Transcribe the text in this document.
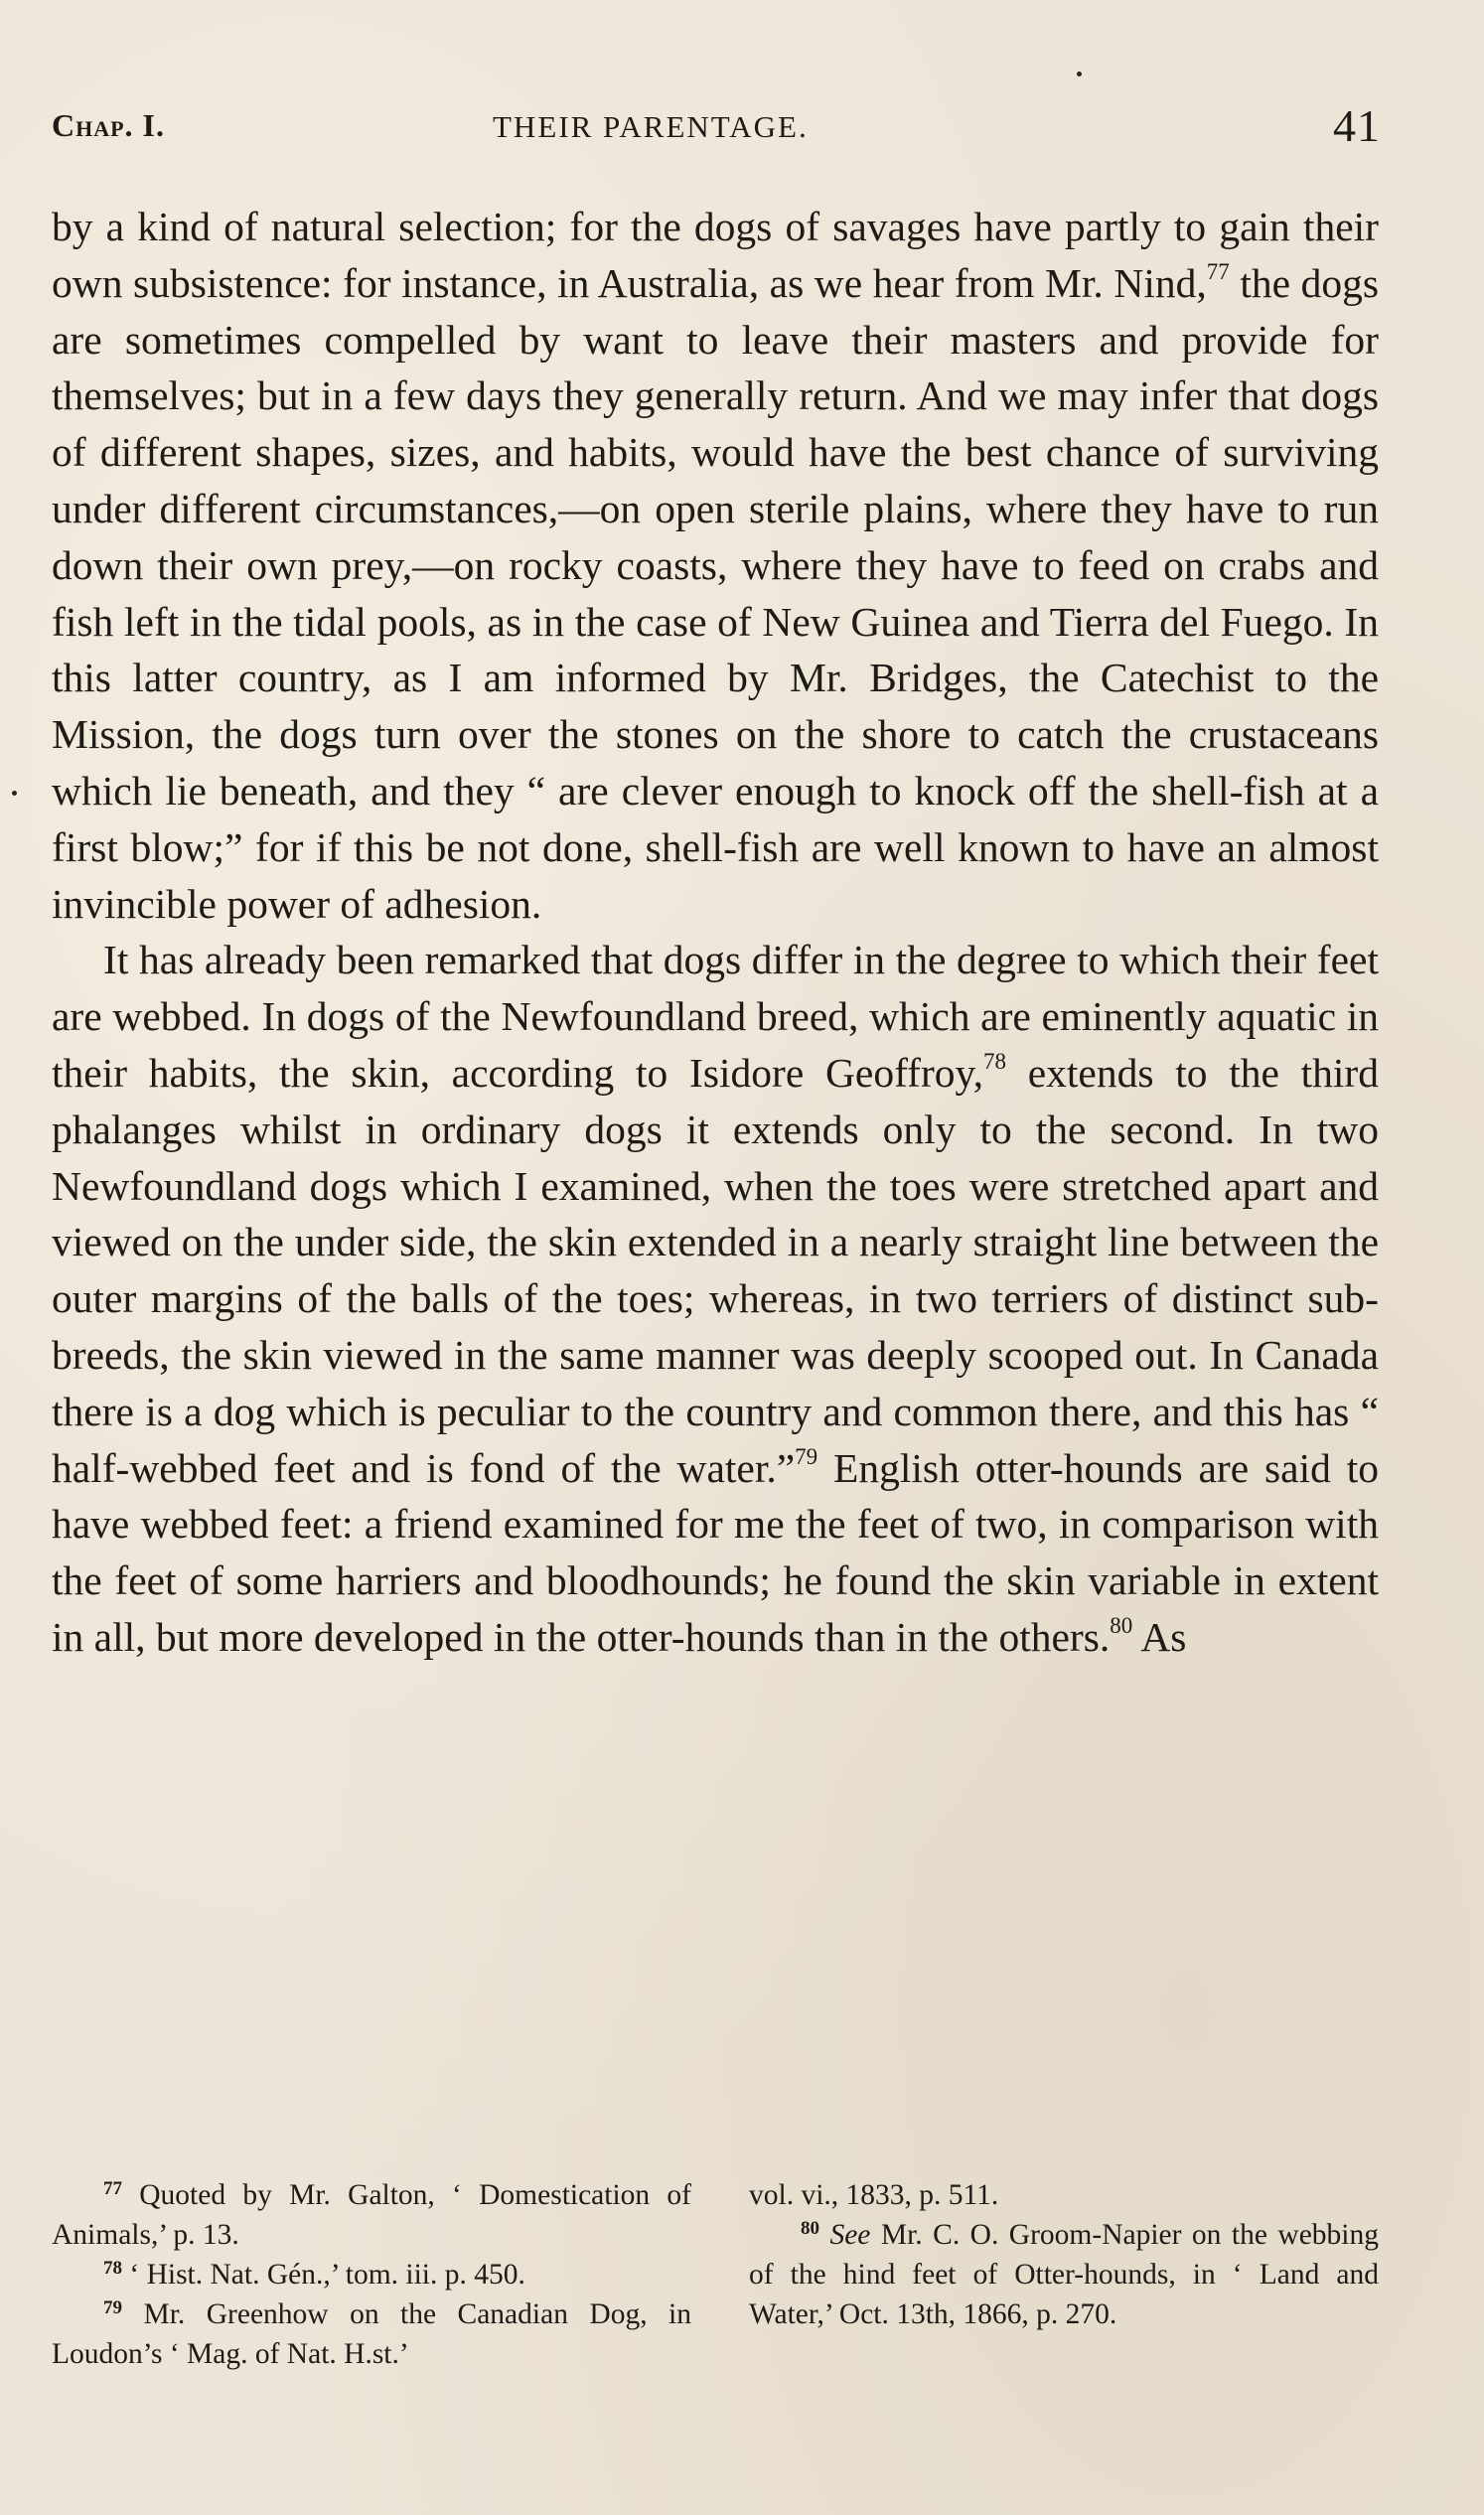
Chap. I.	THEIR PARENTAGE.	41

by a kind of natural selection; for the dogs of savages have partly to gain their own subsistence: for instance, in Australia, as we hear from Mr. Nind,$^{77}$ the dogs are sometimes compelled by want to leave their masters and provide for themselves; but in a few days they generally return. And we may infer that dogs of different shapes, sizes, and habits, would have the best chance of surviving under different circumstances,—on open sterile plains, where they have to run down their own prey,—on rocky coasts, where they have to feed on crabs and fish left in the tidal pools, as in the case of New Guinea and Tierra del Fuego. In this latter country, as I am informed by Mr. Bridges, the Catechist to the Mission, the dogs turn over the stones on the shore to catch the crustaceans which lie beneath, and they “ are clever enough to knock off the shell-fish at a first blow;” for if this be not done, shell-fish are well known to have an almost invincible power of adhesion.

It has already been remarked that dogs differ in the degree to which their feet are webbed. In dogs of the Newfoundland breed, which are eminently aquatic in their habits, the skin, according to Isidore Geoffroy,$^{78}$ extends to the third phalanges whilst in ordinary dogs it extends only to the second. In two Newfoundland dogs which I examined, when the toes were stretched apart and viewed on the under side, the skin extended in a nearly straight line between the outer margins of the balls of the toes; whereas, in two terriers of distinct sub-breeds, the skin viewed in the same manner was deeply scooped out. In Canada there is a dog which is peculiar to the country and common there, and this has “ half-webbed feet and is fond of the water.”$^{79}$ English otter-hounds are said to have webbed feet: a friend examined for me the feet of two, in comparison with the feet of some harriers and bloodhounds; he found the skin variable in extent in all, but more developed in the otter-hounds than in the others.$^{80}$ As

$^{77}$ Quoted by Mr. Galton, ‘ Domestication of Animals,’ p. 13.

$^{78}$ ‘ Hist. Nat. Gén.,’ tom. iii. p. 450.

$^{79}$ Mr. Greenhow on the Canadian Dog, in Loudon’s ‘ Mag. of Nat. H.st.’

vol. vi., 1833, p. 511.

$^{80}$ See Mr. C. O. Groom-Napier on the webbing of the hind feet of Otter-hounds, in ‘ Land and Water,’ Oct. 13th, 1866, p. 270.
